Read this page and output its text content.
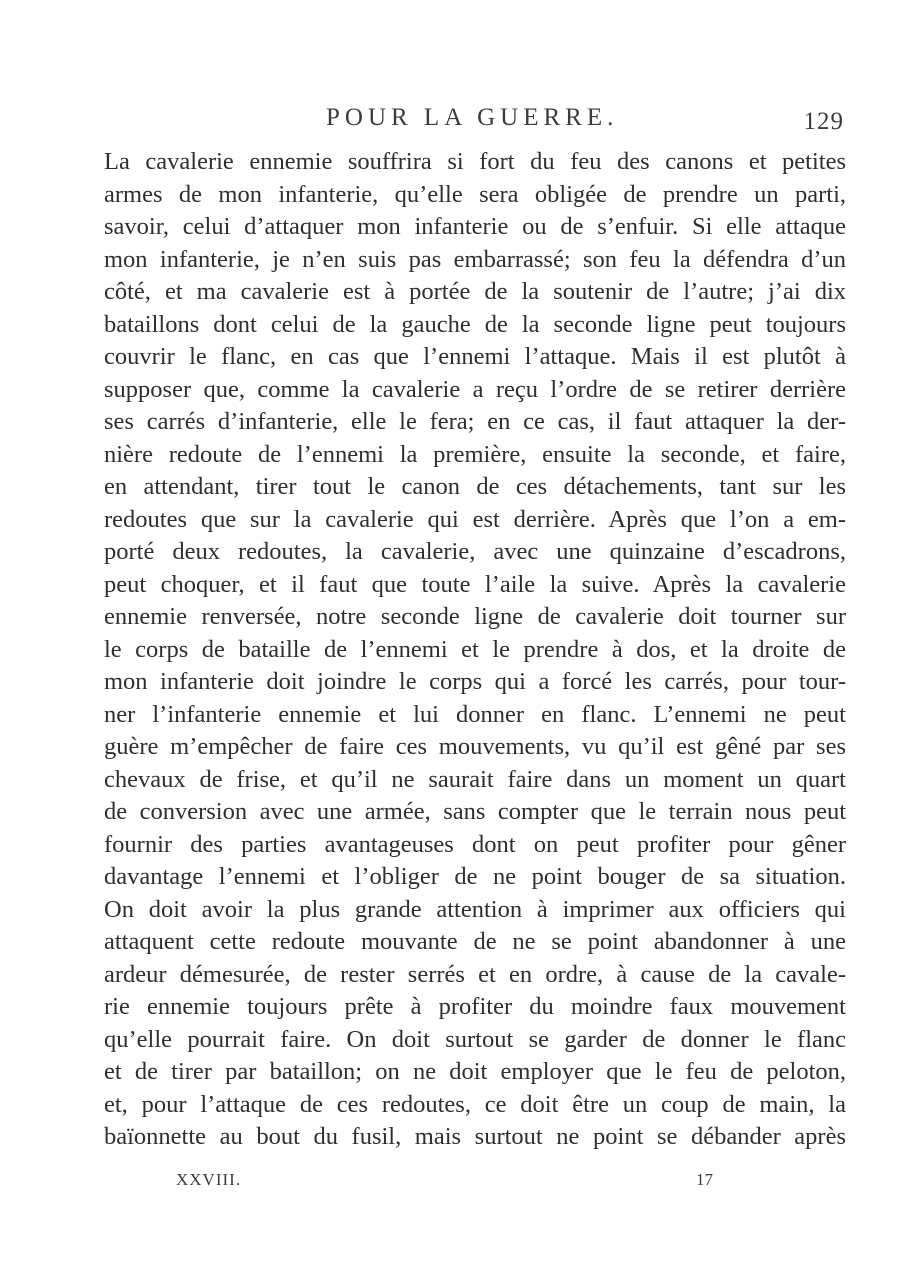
POUR LA GUERRE.	129
La cavalerie ennemie souffrira si fort du feu des canons et petites
armes de mon infanterie, qu’elle sera obligée de prendre un parti,
savoir, celui d’attaquer mon infanterie ou de s’enfuir. Si elle attaque
mon infanterie, je n’en suis pas embarrassé; son feu la défendra d’un
côté, et ma cavalerie est à portée de la soutenir de l’autre; j’ai dix
bataillons dont celui de la gauche de la seconde ligne peut toujours
couvrir le flanc, en cas que l’ennemi l’attaque. Mais il est plutôt à
supposer que, comme la cavalerie a reçu l’ordre de se retirer derrière
ses carrés d’infanterie, elle le fera; en ce cas, il faut attaquer la der-
nière redoute de l’ennemi la première, ensuite la seconde, et faire,
en attendant, tirer tout le canon de ces détachements, tant sur les
redoutes que sur la cavalerie qui est derrière. Après que l’on a em-
porté deux redoutes, la cavalerie, avec une quinzaine d’escadrons,
peut choquer, et il faut que toute l’aile la suive. Après la cavalerie
ennemie renversée, notre seconde ligne de cavalerie doit tourner sur
le corps de bataille de l’ennemi et le prendre à dos, et la droite de
mon infanterie doit joindre le corps qui a forcé les carrés, pour tour-
ner l’infanterie ennemie et lui donner en flanc. L’ennemi ne peut
guère m’empêcher de faire ces mouvements, vu qu’il est gêné par ses
chevaux de frise, et qu’il ne saurait faire dans un moment un quart
de conversion avec une armée, sans compter que le terrain nous peut
fournir des parties avantageuses dont on peut profiter pour gêner
davantage l’ennemi et l’obliger de ne point bouger de sa situation.
On doit avoir la plus grande attention à imprimer aux officiers qui
attaquent cette redoute mouvante de ne se point abandonner à une
ardeur démesurée, de rester serrés et en ordre, à cause de la cavale-
rie ennemie toujours prête à profiter du moindre faux mouvement
qu’elle pourrait faire. On doit surtout se garder de donner le flanc
et de tirer par bataillon; on ne doit employer que le feu de peloton,
et, pour l’attaque de ces redoutes, ce doit être un coup de main, la
baïonnette au bout du fusil, mais surtout ne point se débander après
XXVIII.	17
